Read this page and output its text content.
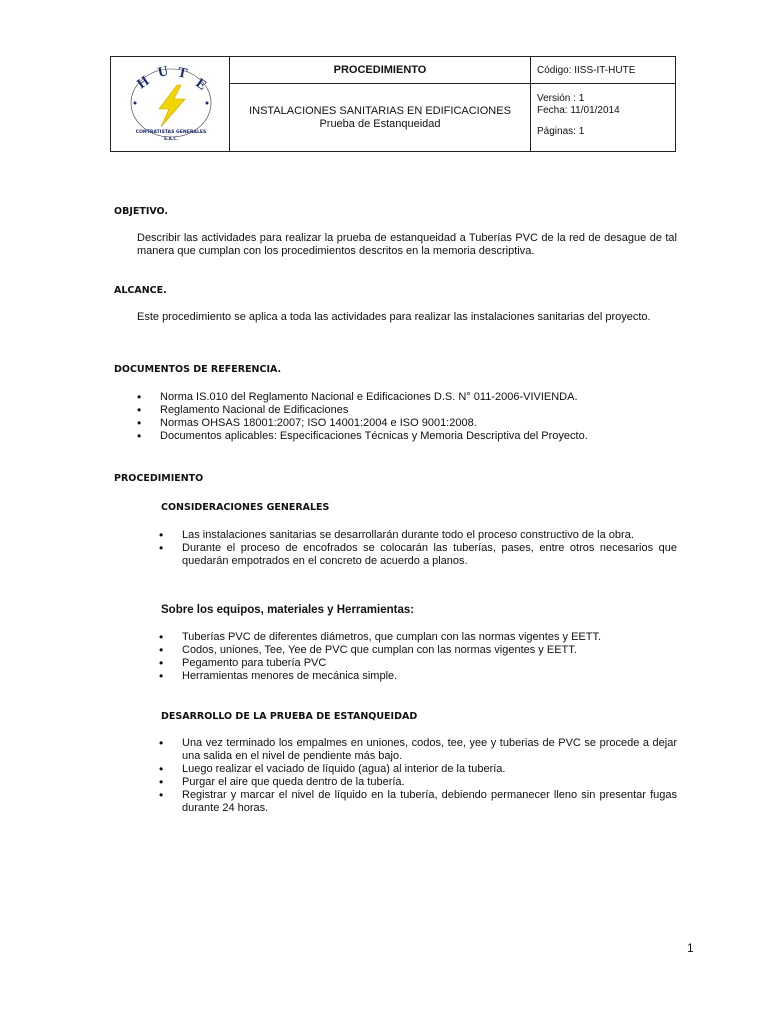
H
U T
E
CONTRATISTAS GENERALES
S.A.C.
PROCEDIMIENTO
INSTALACIONES SANITARIAS EN EDIFICACIONES
Prueba de Estanqueidad
Código: IISS-IT-HUTE
Versión : 1
Fecha: 11/01/2014
Páginas: 1
OBJETIVO.
Describir las actividades para realizar la prueba de estanqueidad a Tuberías PVC de la red de desague de tal manera que cumplan con los procedimientos descritos en la memoria descriptiva.
ALCANCE.
Este procedimiento se aplica a toda las actividades para realizar las instalaciones sanitarias del proyecto.
DOCUMENTOS DE REFERENCIA.
• Norma IS.010 del Reglamento Nacional e Edificaciones D.S. N° 011-2006-VIVIENDA.
• Reglamento Nacional de Edificaciones
• Normas OHSAS 18001:2007; ISO 14001:2004 e ISO 9001:2008.
• Documentos aplicables: Especificaciones Técnicas y Memoria Descriptiva del Proyecto.
PROCEDIMIENTO
CONSIDERACIONES GENERALES
• Las instalaciones sanitarias se desarrollarán durante todo el proceso constructivo de la obra.
• Durante el proceso de encofrados se colocarán las tuberías, pases, entre otros necesarios que quedarán empotrados en el concreto de acuerdo a planos.
Sobre los equipos, materiales y Herramientas:
• Tuberías PVC de diferentes diámetros, que cumplan con las normas vigentes y EETT.
• Codos, uniones, Tee, Yee de PVC que cumplan con las normas vigentes y EETT.
• Pegamento para tubería PVC
• Herramientas menores de mecánica simple.
DESARROLLO DE LA PRUEBA DE ESTANQUEIDAD
• Una vez terminado los empalmes en uniones, codos, tee, yee y tuberias de PVC se procede a dejar una salida en el nivel de pendiente más bajo.
• Luego realizar el vaciado de líquido (agua) al interior de la tubería.
• Purgar el aire que queda dentro de la tubería.
• Registrar y marcar el nivel de líquido en la tubería, debiendo permanecer lleno sin presentar fugas durante 24 horas.
1
